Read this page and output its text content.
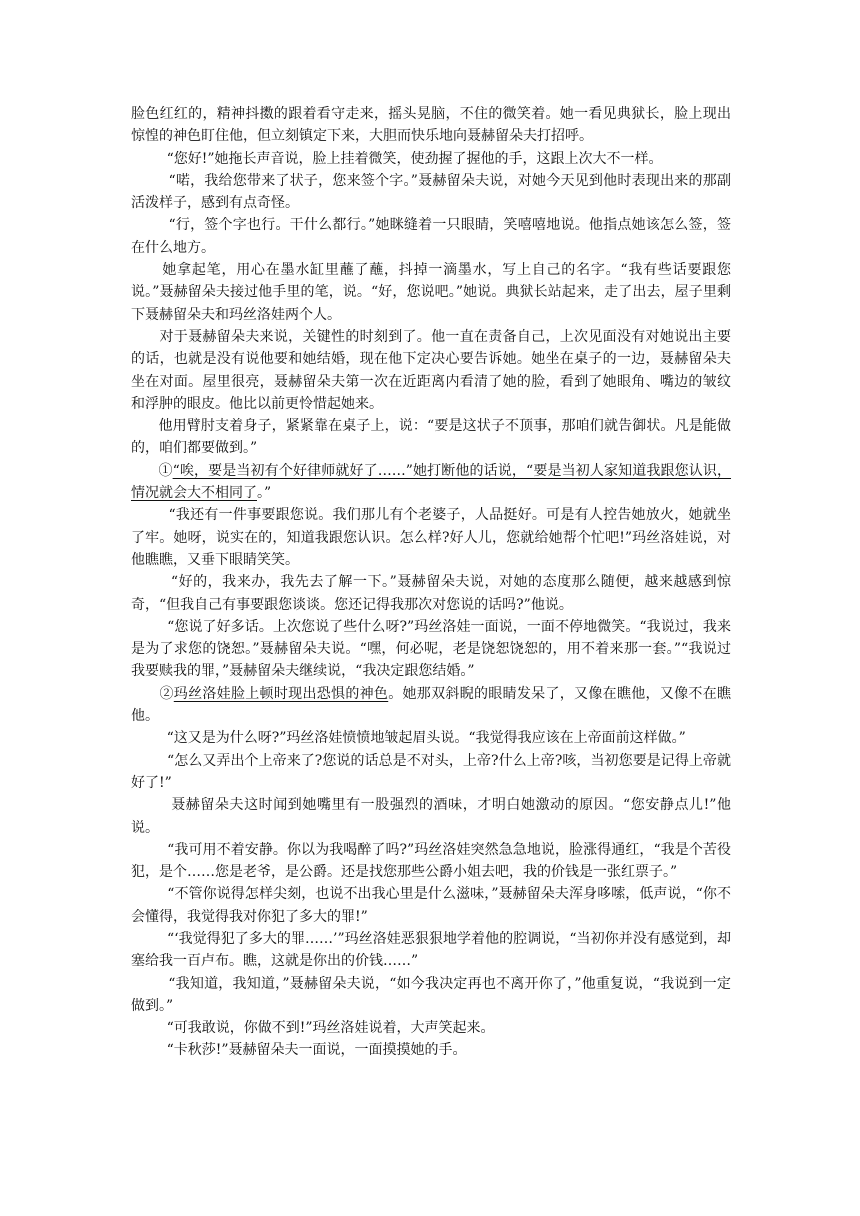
脸色红红的，精神抖擞的跟着看守走来，摇头晃脑，不住的微笑着。她一看见典狱长，脸上现出惊惶的神色盯住他，但立刻镇定下来，大胆而快乐地向聂赫留朵夫打招呼。

“您好!”她拖长声音说，脸上挂着微笑，使劲握了握他的手，这跟上次大不一样。

“喏，我给您带来了状子，您来签个字。”聂赫留朵夫说，对她今天见到他时表现出来的那副活泼样子，感到有点奇怪。

“行，签个字也行。干什么都行。”她眯缝着一只眼睛，笑嘻嘻地说。他指点她该怎么签，签在什么地方。

她拿起笔，用心在墨水缸里蘸了蘸，抖掉一滴墨水，写上自己的名字。“我有些话要跟您说。”聂赫留朵夫接过他手里的笔，说。“好，您说吧。”她说。典狱长站起来，走了出去，屋子里剩下聂赫留朵夫和玛丝洛娃两个人。

对于聂赫留朵夫来说，关键性的时刻到了。他一直在责备自己，上次见面没有对她说出主要的话，也就是没有说他要和她结婚，现在他下定决心要告诉她。她坐在桌子的一边，聂赫留朵夫坐在对面。屋里很亮，聂赫留朵夫第一次在近距离内看清了她的脸，看到了她眼角、嘴边的皱纹和浮肿的眼皮。他比以前更怜惜起她来。

他用臂肘支着身子，紧紧靠在桌子上，说：“要是这状子不顶事，那咱们就告御状。凡是能做的，咱们都要做到。”

①“唉，要是当初有个好律师就好了……”她打断他的话说，“要是当初人家知道我跟您认识，情况就会大不相同了。”

“我还有一件事要跟您说。我们那儿有个老婆子，人品挺好。可是有人控告她放火，她就坐了牢。她呀，说实在的，知道我跟您认识。怎么样?好人儿，您就给她帮个忙吧!”玛丝洛娃说，对他瞧瞧，又垂下眼睛笑笑。

“好的，我来办，我先去了解一下。”聂赫留朵夫说，对她的态度那么随便，越来越感到惊奇，“但我自己有事要跟您谈谈。您还记得我那次对您说的话吗?”他说。

“您说了好多话。上次您说了些什么呀?”玛丝洛娃一面说，一面不停地微笑。“我说过，我来是为了求您的饶恕。”聂赫留朵夫说。“嘿，何必呢，老是饶恕饶恕的，用不着来那一套。”“我说过我要赎我的罪，”聂赫留朵夫继续说，“我决定跟您结婚。”

②玛丝洛娃脸上顿时现出恐惧的神色。她那双斜睨的眼睛发呆了，又像在瞧他，又像不在瞧他。

“这又是为什么呀?”玛丝洛娃愤愤地皱起眉头说。“我觉得我应该在上帝面前这样做。”

“怎么又弄出个上帝来了?您说的话总是不对头，上帝?什么上帝?咳，当初您要是记得上帝就好了!”

聂赫留朵夫这时闻到她嘴里有一股强烈的酒味，才明白她激动的原因。“您安静点儿!”他说。

“我可用不着安静。你以为我喝醉了吗?”玛丝洛娃突然急急地说，脸涨得通红，“我是个苦役犯，是个……您是老爷，是公爵。还是找您那些公爵小姐去吧，我的价钱是一张红票子。”

“不管你说得怎样尖刻，也说不出我心里是什么滋味，”聂赫留朵夫浑身哆嗦，低声说，“你不会懂得，我觉得我对你犯了多大的罪!”

“‘我觉得犯了多大的罪……’”玛丝洛娃恶狠狠地学着他的腔调说，“当初你并没有感觉到，却塞给我一百卢布。瞧，这就是你出的价钱……”

“我知道，我知道，”聂赫留朵夫说，“如今我决定再也不离开你了，”他重复说，“我说到一定做到。”

“可我敢说，你做不到!”玛丝洛娃说着，大声笑起来。

“卡秋莎!”聂赫留朵夫一面说，一面摸摸她的手。
